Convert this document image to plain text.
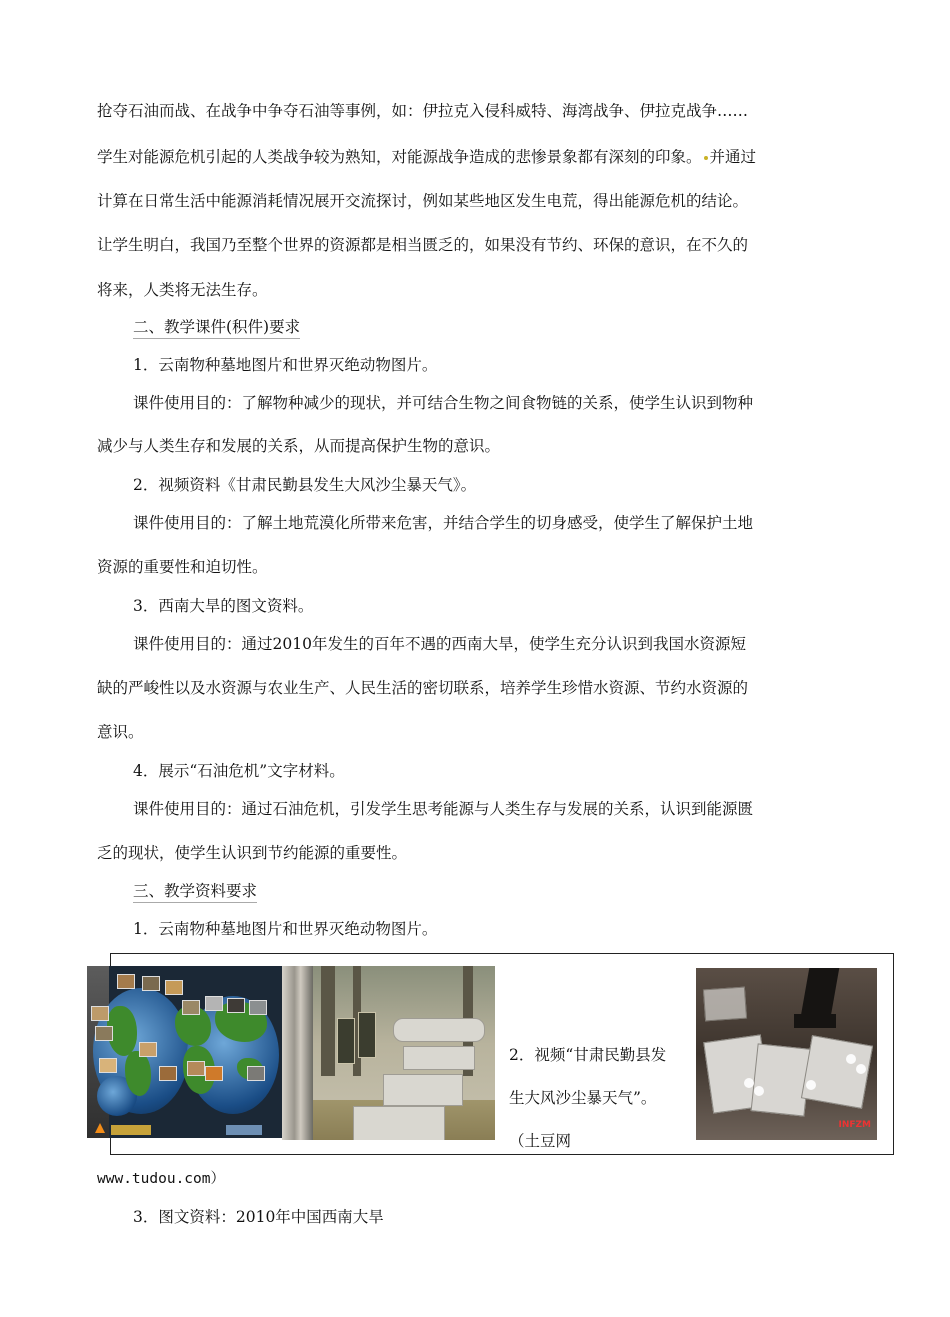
抢夺石油而战、在战争中争夺石油等事例，如：伊拉克入侵科威特、海湾战争、伊拉克战争……
学生对能源危机引起的人类战争较为熟知，对能源战争造成的悲惨景象都有深刻的印象。 并通过
计算在日常生活中能源消耗情况展开交流探讨，例如某些地区发生电荒，得出能源危机的结论。
让学生明白，我国乃至整个世界的资源都是相当匮乏的，如果没有节约、环保的意识，在不久的
将来，人类将无法生存。
二、教学课件(积件)要求
1．云南物种墓地图片和世界灭绝动物图片。
课件使用目的：了解物种减少的现状，并可结合生物之间食物链的关系，使学生认识到物种
减少与人类生存和发展的关系，从而提高保护生物的意识。
2．视频资料《甘肃民勤县发生大风沙尘暴天气》。
课件使用目的：了解土地荒漠化所带来危害，并结合学生的切身感受，使学生了解保护土地
资源的重要性和迫切性。
3．西南大旱的图文资料。
课件使用目的：通过2010年发生的百年不遇的西南大旱，使学生充分认识到我国水资源短
缺的严峻性以及水资源与农业生产、人民生活的密切联系，培养学生珍惜水资源、节约水资源的
意识。
4．展示“石油危机”文字材料。
课件使用目的：通过石油危机，引发学生思考能源与人类生存与发展的关系，认识到能源匮
乏的现状，使学生认识到节约能源的重要性。
三、教学资料要求
1．云南物种墓地图片和世界灭绝动物图片。
2．视频“甘肃民勤县发生大风沙尘暴天气”。（土豆网
INFZM
www.tudou.com）
3．图文资料：2010年中国西南大旱
